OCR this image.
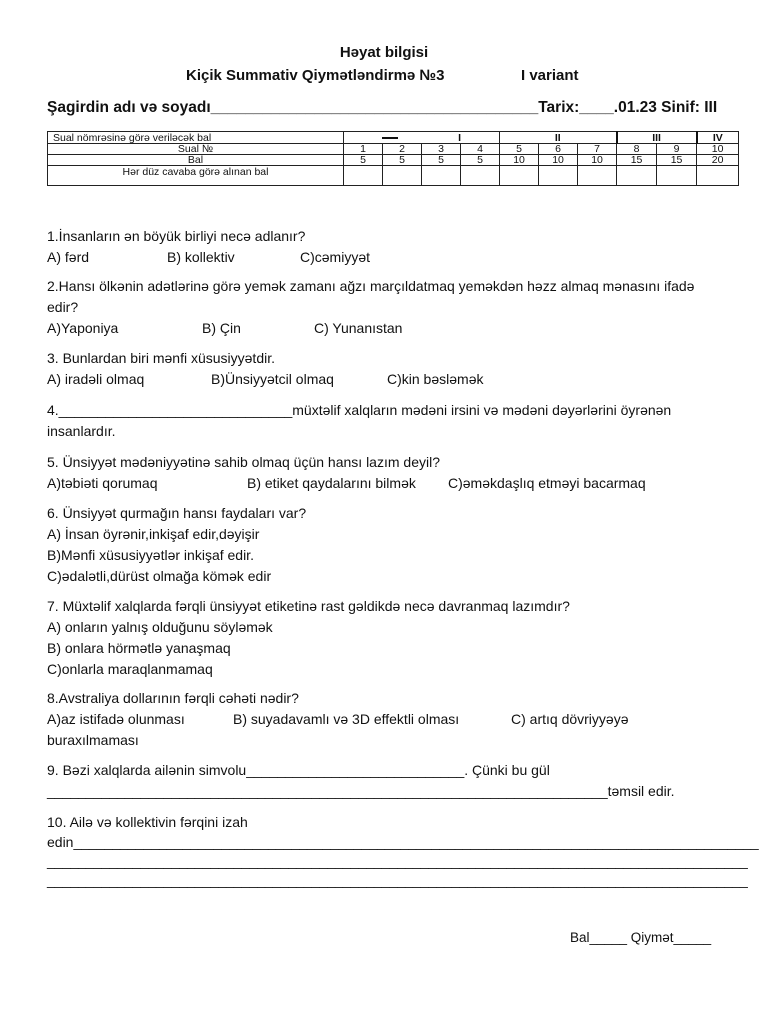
Həyat bilgisi
Kiçik Summativ Qiymətləndirmə №3	I variant
Şagirdin adı və soyadı______________________________________Tarix:____.01.23 Sinif: III
Sual nömrəsinə görə veriləcək bal	I				II			III		IV
Sual №	1	2	3	4	5	6	7	8	9	10
Bal	5	5	5	5	10	10	10	15	15	20
Hər düz cavaba görə alınan bal										

1.İnsanların ən böyük birliyi necə adlanır?

A) fərd	B) kollektiv	C)cəmiyyət

2.Hansı ölkənin adətlərinə görə yemək zamanı ağzı marçıldatmaq yeməkdən həzz almaq mənasını ifadə edir?

A)Yaponiya	B) Çin	C) Yunanıstan

3. Bunlardan biri mənfi xüsusiyyətdir.

A) iradəli olmaq	B)Ünsiyyətcil olmaq	C)kin bəsləmək

4.______________________________müxtəlif xalqların mədəni irsini və mədəni dəyərlərini öyrənən insanlardır.

5. Ünsiyyət mədəniyyətinə sahib olmaq üçün hansı lazım deyil?

A)təbiəti qorumaq	B) etiket qaydalarını bilmək C)əməkdaşlıq etməyi bacarmaq

6. Ünsiyyət qurmağın hansı faydaları var?

A) İnsan öyrənir,inkişaf edir,dəyişir

B)Mənfi xüsusiyyətlər inkişaf edir.

C)ədalətli,dürüst olmağa kömək edir

7. Müxtəlif xalqlarda fərqli ünsiyyət etiketinə rast gəldikdə necə davranmaq lazımdır?

A) onların yalnış olduğunu söyləmək

B) onlara hörmətlə yanaşmaq

C)onlarla maraqlanmamaq

8.Avstraliya dollarının fərqli cəhəti nədir?

A)az istifadə olunması	B) suyadavamlı və 3D effektli olması	C) artıq dövriyyəyə

buraxılmaması

9. Bəzi xalqlarda ailənin simvolu____________________________. Çünki bu gül

________________________________________________________________________təmsil edir.

10. Ailə və kollektivin fərqini izah

edin________________________________________________________________________________________

__________________________________________________________________________________________

__________________________________________________________________________________________

Bal_____ Qiymət_____
